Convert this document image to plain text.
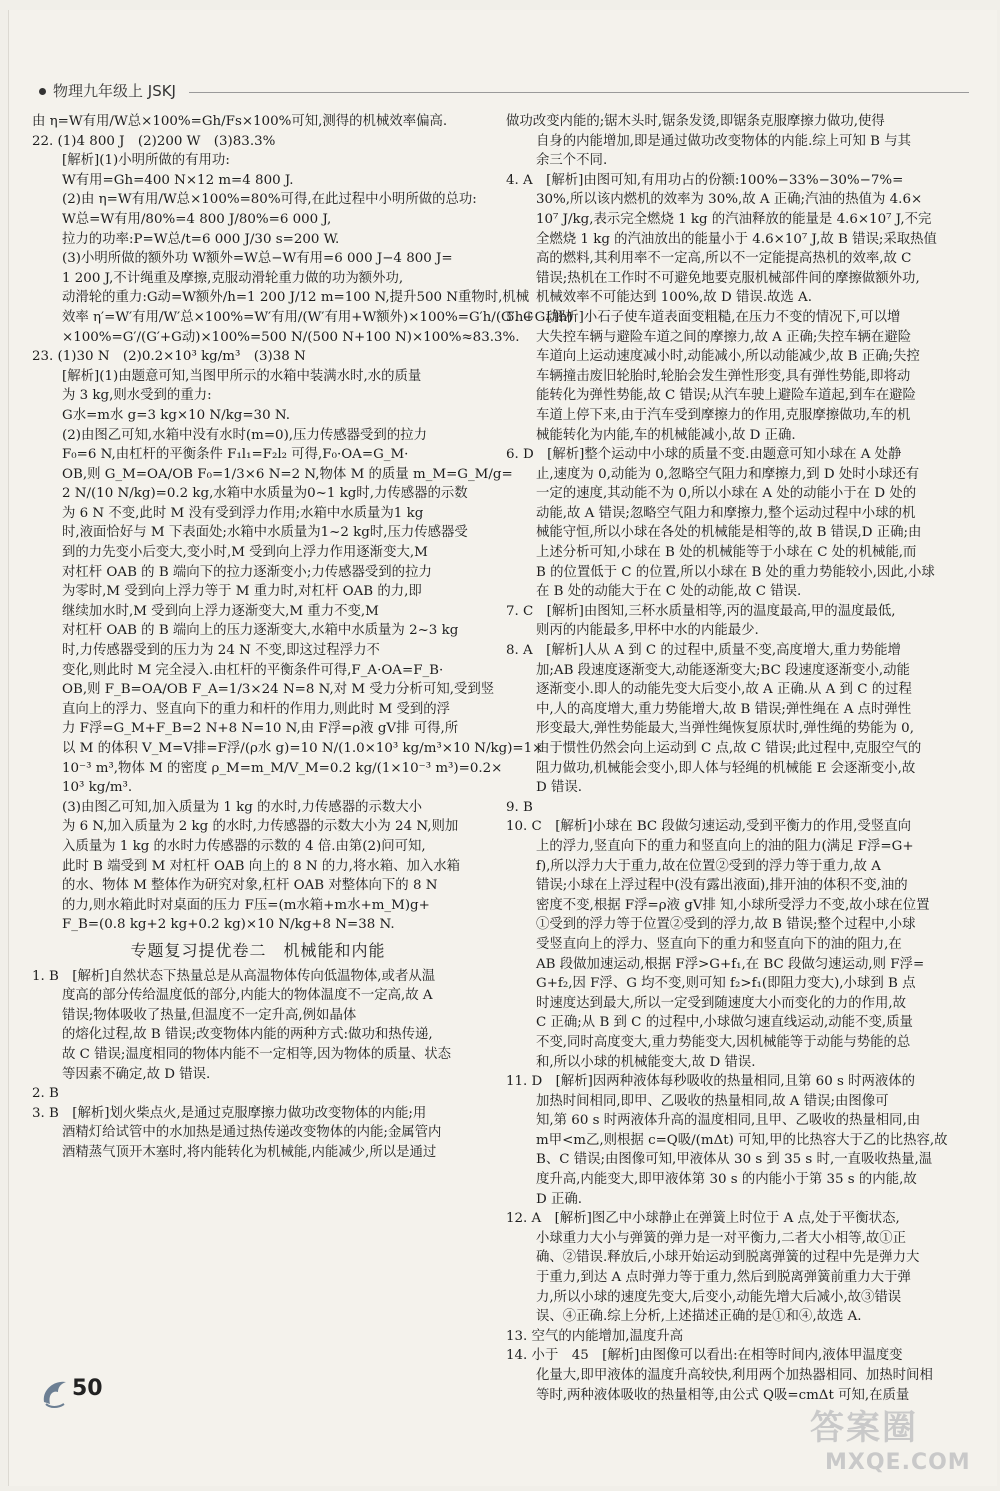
物理九年级上 JSKJ
由 η=W有用/W总×100%=Gh/Fs×100%可知,测得的机械效率偏高.
22. (1)4 800 J　(2)200 W　(3)83.3%
[解析](1)小明所做的有用功:
W有用=Gh=400 N×12 m=4 800 J.
(2)由 η=W有用/W总×100%=80%可得,在此过程中小明所做的总功:
W总=W有用/80%=4 800 J/80%=6 000 J,
拉力的功率:P=W总/t=6 000 J/30 s=200 W.
(3)小明所做的额外功 W额外=W总−W有用=6 000 J−4 800 J=
1 200 J,不计绳重及摩擦,克服动滑轮重力做的功为额外功,
动滑轮的重力:G动=W额外/h=1 200 J/12 m=100 N,提升500 N重物时,机械
效率 η′=W′有用/W′总×100%=W′有用/(W′有用+W额外)×100%=G′h/(G′h+G动h)
×100%=G′/(G′+G动)×100%=500 N/(500 N+100 N)×100%≈83.3%.
23. (1)30 N　(2)0.2×10³ kg/m³　(3)38 N
[解析](1)由题意可知,当图甲所示的水箱中装满水时,水的质量
为 3 kg,则水受到的重力:
G水=m水 g=3 kg×10 N/kg=30 N.
(2)由图乙可知,水箱中没有水时(m=0),压力传感器受到的拉力
F₀=6 N,由杠杆的平衡条件 F₁l₁=F₂l₂ 可得,F₀·OA=G_M·
OB,则 G_M=OA/OB F₀=1/3×6 N=2 N,物体 M 的质量 m_M=G_M/g=
2 N/(10 N/kg)=0.2 kg,水箱中水质量为0~1 kg时,力传感器的示数
为 6 N 不变,此时 M 没有受到浮力作用;水箱中水质量为1 kg
时,液面恰好与 M 下表面处;水箱中水质量为1~2 kg时,压力传感器受
到的力先变小后变大,变小时,M 受到向上浮力作用逐渐变大,M
对杠杆 OAB 的 B 端向下的拉力逐渐变小;力传感器受到的拉力
为零时,M 受到向上浮力等于 M 重力时,对杠杆 OAB 的力,即
继续加水时,M 受到向上浮力逐渐变大,M 重力不变,M
对杠杆 OAB 的 B 端向上的压力逐渐变大,水箱中水质量为 2~3 kg
时,力传感器受到的压力为 24 N 不变,即这过程浮力不
变化,则此时 M 完全浸入.由杠杆的平衡条件可得,F_A·OA=F_B·
OB,则 F_B=OA/OB F_A=1/3×24 N=8 N,对 M 受力分析可知,受到竖
直向上的浮力、竖直向下的重力和杆的作用力,则此时 M 受到的浮
力 F浮=G_M+F_B=2 N+8 N=10 N,由 F浮=ρ液 gV排 可得,所
以 M 的体积 V_M=V排=F浮/(ρ水 g)=10 N/(1.0×10³ kg/m³×10 N/kg)=1×
10⁻³ m³,物体 M 的密度 ρ_M=m_M/V_M=0.2 kg/(1×10⁻³ m³)=0.2×
10³ kg/m³.
(3)由图乙可知,加入质量为 1 kg 的水时,力传感器的示数大小
为 6 N,加入质量为 2 kg 的水时,力传感器的示数大小为 24 N,则加
入质量为 1 kg 的水时力传感器的示数的 4 倍.由第(2)问可知,
此时 B 端受到 M 对杠杆 OAB 向上的 8 N 的力,将水箱、加入水箱
的水、物体 M 整体作为研究对象,杠杆 OAB 对整体向下的 8 N
的力,则水箱此时对桌面的压力 F压=(m水箱+m水+m_M)g+
F_B=(0.8 kg+2 kg+0.2 kg)×10 N/kg+8 N=38 N.
专题复习提优卷二　机械能和内能
1. B　[解析]自然状态下热量总是从高温物体传向低温物体,或者从温
度高的部分传给温度低的部分,内能大的物体温度不一定高,故 A
错误;物体吸收了热量,但温度不一定升高,例如晶体
的熔化过程,故 B 错误;改变物体内能的两种方式:做功和热传递,
故 C 错误;温度相同的物体内能不一定相等,因为物体的质量、状态
等因素不确定,故 D 错误.
2. B
3. B　[解析]划火柴点火,是通过克服摩擦力做功改变物体的内能;用
酒精灯给试管中的水加热是通过热传递改变物体的内能;金属管内
酒精蒸气顶开木塞时,将内能转化为机械能,内能减少,所以是通过
做功改变内能的;锯木头时,锯条发烫,即锯条克服摩擦力做功,使得
自身的内能增加,即是通过做功改变物体的内能.综上可知 B 与其
余三个不同.
4. A　[解析]由图可知,有用功占的份额:100%−33%−30%−7%=
30%,所以该内燃机的效率为 30%,故 A 正确;汽油的热值为 4.6×
10⁷ J/kg,表示完全燃烧 1 kg 的汽油释放的能量是 4.6×10⁷ J,不完
全燃烧 1 kg 的汽油放出的能量小于 4.6×10⁷ J,故 B 错误;采取热值
高的燃料,其利用率不一定高,所以不一定能提高热机的效率,故 C
错误;热机在工作时不可避免地要克服机械部件间的摩擦做额外功,
机械效率不可能达到 100%,故 D 错误.故选 A.
5. C　[解析]小石子使车道表面变粗糙,在压力不变的情况下,可以增
大失控车辆与避险车道之间的摩擦力,故 A 正确;失控车辆在避险
车道向上运动速度减小时,动能减小,所以动能减少,故 B 正确;失控
车辆撞击废旧轮胎时,轮胎会发生弹性形变,具有弹性势能,即将动
能转化为弹性势能,故 C 错误;从汽车驶上避险车道起,到车在避险
车道上停下来,由于汽车受到摩擦力的作用,克服摩擦做功,车的机
械能转化为内能,车的机械能减小,故 D 正确.
6. D　[解析]整个运动中小球的质量不变.由题意可知小球在 A 处静
止,速度为 0,动能为 0,忽略空气阻力和摩擦力,到 D 处时小球还有
一定的速度,其动能不为 0,所以小球在 A 处的动能小于在 D 处的
动能,故 A 错误;忽略空气阻力和摩擦力,整个运动过程中小球的机
械能守恒,所以小球在各处的机械能是相等的,故 B 错误,D 正确;由
上述分析可知,小球在 B 处的机械能等于小球在 C 处的机械能,而
B 的位置低于 C 的位置,所以小球在 B 处的重力势能较小,因此,小球
在 B 处的动能大于在 C 处的动能,故 C 错误.
7. C　[解析]由图知,三杯水质量相等,丙的温度最高,甲的温度最低,
则丙的内能最多,甲杯中水的内能最少.
8. A　[解析]人从 A 到 C 的过程中,质量不变,高度增大,重力势能增
加;AB 段速度逐渐变大,动能逐渐变大;BC 段速度逐渐变小,动能
逐渐变小.即人的动能先变大后变小,故 A 正确.从 A 到 C 的过程
中,人的高度增大,重力势能增大,故 B 错误;弹性绳在 A 点时弹性
形变最大,弹性势能最大,当弹性绳恢复原状时,弹性绳的势能为 0,
由于惯性仍然会向上运动到 C 点,故 C 错误;此过程中,克服空气的
阻力做功,机械能会变小,即人体与轻绳的机械能 E 会逐渐变小,故
D 错误.
9. B
10. C　[解析]小球在 BC 段做匀速运动,受到平衡力的作用,受竖直向
上的浮力,竖直向下的重力和竖直向上的油的阻力(满足 F浮=G+
f),所以浮力大于重力,故在位置②受到的浮力等于重力,故 A
错误;小球在上浮过程中(没有露出液面),排开油的体积不变,油的
密度不变,根据 F浮=ρ液 gV排 知,小球所受浮力不变,故小球在位置
①受到的浮力等于位置②受到的浮力,故 B 错误;整个过程中,小球
受竖直向上的浮力、竖直向下的重力和竖直向下的油的阻力,在
AB 段做加速运动,根据 F浮>G+f₁,在 BC 段做匀速运动,则 F浮=
G+f₂,因 F浮、G 均不变,则可知 f₂>f₁(即阻力变大),小球到 B 点
时速度达到最大,所以一定受到随速度大小而变化的力的作用,故
C 正确;从 B 到 C 的过程中,小球做匀速直线运动,动能不变,质量
不变,同时高度变大,重力势能变大,因机械能等于动能与势能的总
和,所以小球的机械能变大,故 D 错误.
11. D　[解析]因两种液体每秒吸收的热量相同,且第 60 s 时两液体的
加热时间相同,即甲、乙吸收的热量相同,故 A 错误;由图像可
知,第 60 s 时两液体升高的温度相同,且甲、乙吸收的热量相同,由
m甲<m乙,则根据 c=Q吸/(mΔt) 可知,甲的比热容大于乙的比热容,故
B、C 错误;由图像可知,甲液体从 30 s 到 35 s 时,一直吸收热量,温
度升高,内能变大,即甲液体第 30 s 的内能小于第 35 s 的内能,故
D 正确.
12. A　[解析]图乙中小球静止在弹簧上时位于 A 点,处于平衡状态,
小球重力大小与弹簧的弹力是一对平衡力,二者大小相等,故①正
确、②错误.释放后,小球开始运动到脱离弹簧的过程中先是弹力大
于重力,到达 A 点时弹力等于重力,然后到脱离弹簧前重力大于弹
力,所以小球的速度先变大,后变小,动能先增大后减小,故③错误
误、④正确.综上分析,上述描述正确的是①和④,故选 A.
13. 空气的内能增加,温度升高
14. 小于　45　[解析]由图像可以看出:在相等时间内,液体甲温度变
化量大,即甲液体的温度升高较快,利用两个加热器相同、加热时间相
等时,两种液体吸收的热量相等,由公式 Q吸=cmΔt 可知,在质量
50
答案圈
MXQE.COM
